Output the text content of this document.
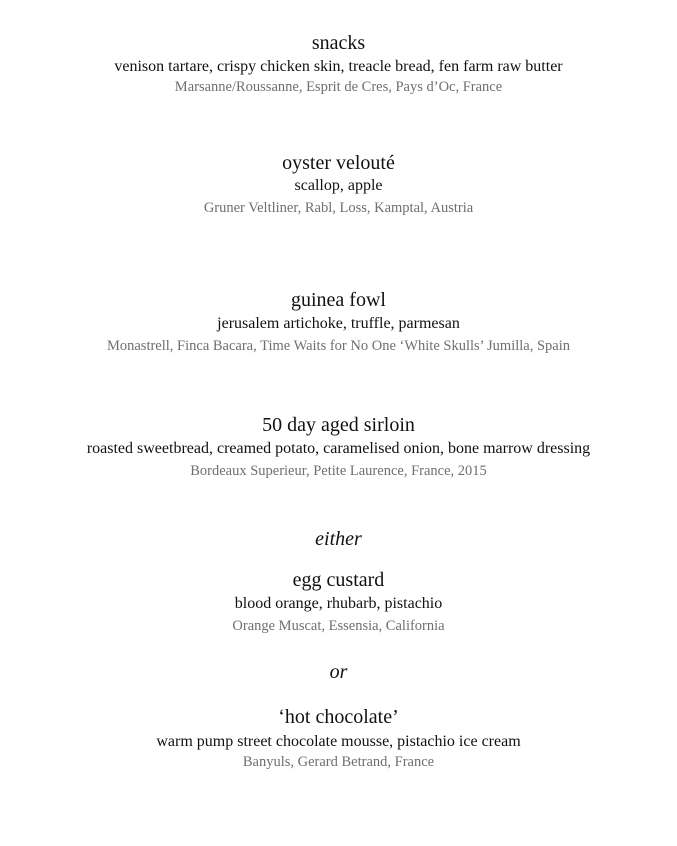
snacks
venison tartare, crispy chicken skin, treacle bread, fen farm raw butter
Marsanne/Roussanne, Esprit de Cres, Pays d’Oc, France
oyster velouté
scallop, apple
Gruner Veltliner, Rabl, Loss, Kamptal, Austria
guinea fowl
jerusalem artichoke, truffle, parmesan
Monastrell, Finca Bacara, Time Waits for No One ‘White Skulls’ Jumilla, Spain
50 day aged sirloin
roasted sweetbread, creamed potato, caramelised onion, bone marrow dressing
Bordeaux Superieur, Petite Laurence, France, 2015
either
egg custard
blood orange, rhubarb, pistachio
Orange Muscat, Essensia, California
or
‘hot chocolate’
warm pump street chocolate mousse, pistachio ice cream
Banyuls, Gerard Betrand, France
